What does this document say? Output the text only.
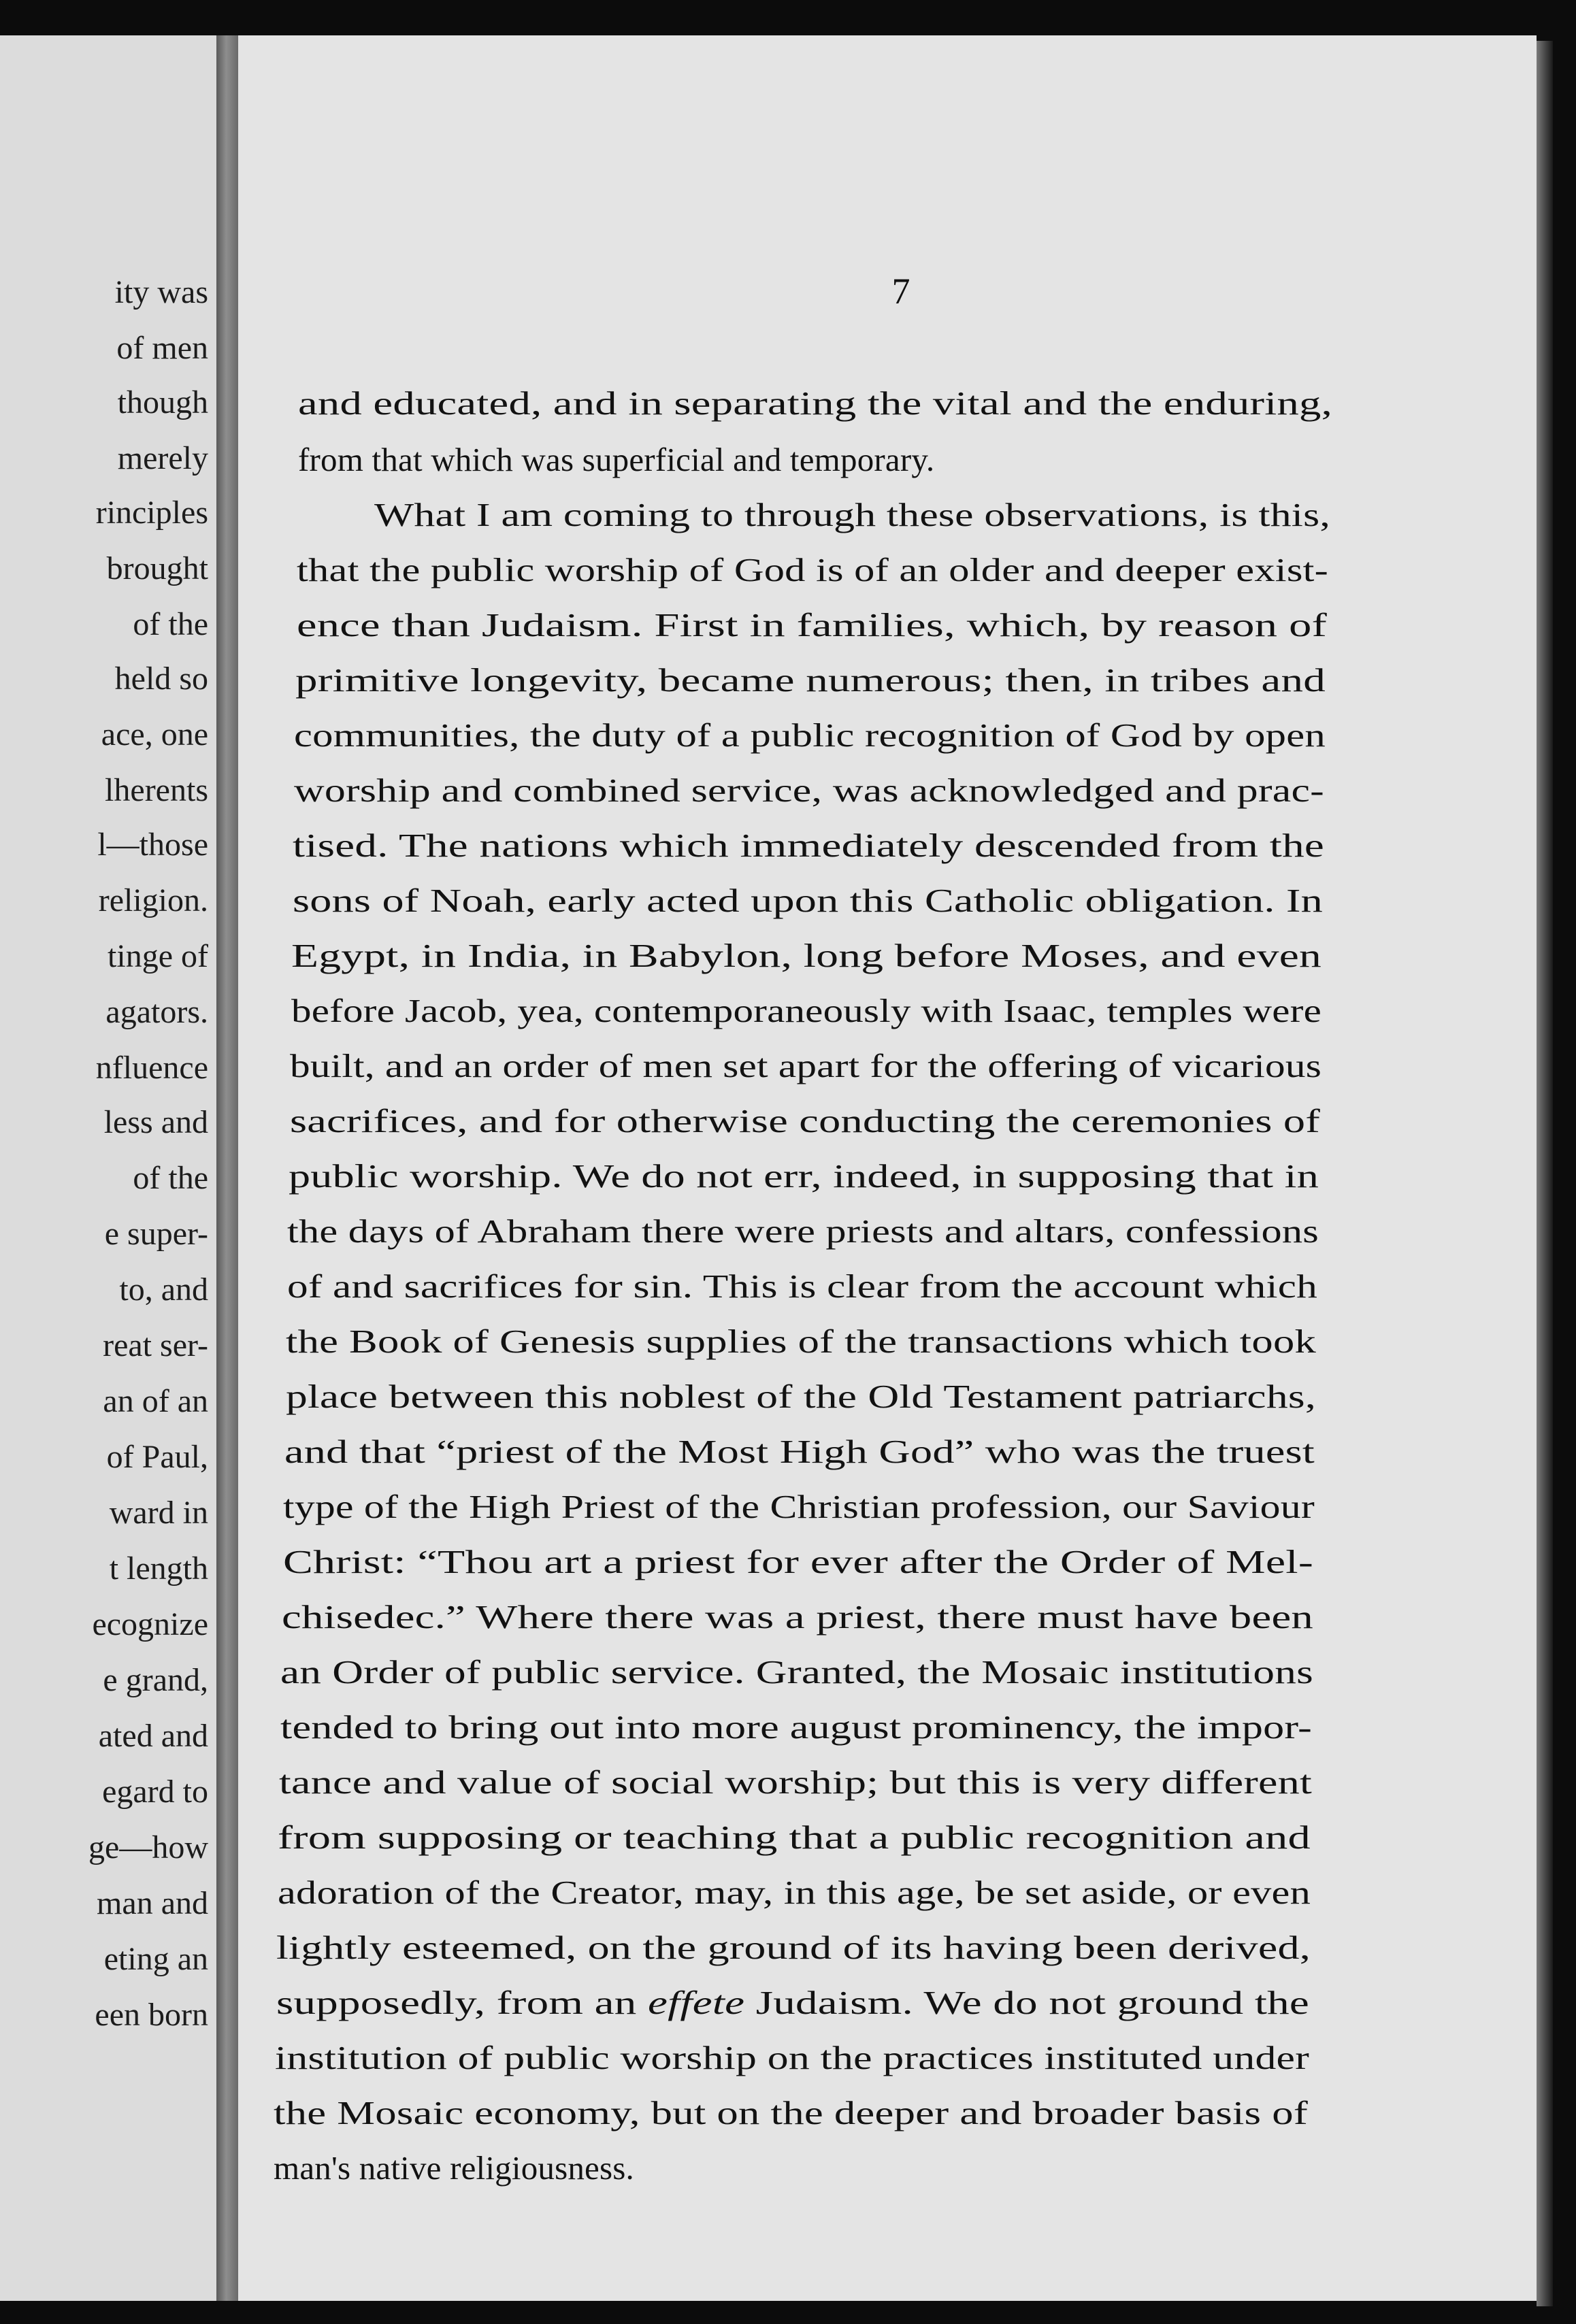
ity was
of men
though
merely
rinciples
brought
of the
held so
ace, one
lherents
l—those
religion.
tinge of
agators.
nfluence
less and
of the
e super-
to, and
reat ser-
an of an
of Paul,
ward in
t length
ecognize
e grand,
ated and
egard to
ge—how
man and
eting an
een born
7
and educated, and in separating the vital and the enduring,
from that which was superficial and temporary.
What I am coming to through these observations, is this,
that the public worship of God is of an older and deeper exist-
ence than Judaism. First in families, which, by reason of
primitive longevity, became numerous; then, in tribes and
communities, the duty of a public recognition of God by open
worship and combined service, was acknowledged and prac-
tised. The nations which immediately descended from the
sons of Noah, early acted upon this Catholic obligation. In
Egypt, in India, in Babylon, long before Moses, and even
before Jacob, yea, contemporaneously with Isaac, temples were
built, and an order of men set apart for the offering of vicarious
sacrifices, and for otherwise conducting the ceremonies of
public worship. We do not err, indeed, in supposing that in
the days of Abraham there were priests and altars, confessions
of and sacrifices for sin. This is clear from the account which
the Book of Genesis supplies of the transactions which took
place between this noblest of the Old Testament patriarchs,
and that “priest of the Most High God” who was the truest
type of the High Priest of the Christian profession, our Saviour
Christ: “Thou art a priest for ever after the Order of Mel-
chisedec.” Where there was a priest, there must have been
an Order of public service. Granted, the Mosaic institutions
tended to bring out into more august prominency, the impor-
tance and value of social worship; but this is very different
from supposing or teaching that a public recognition and
adoration of the Creator, may, in this age, be set aside, or even
lightly esteemed, on the ground of its having been derived,
supposedly, from an effete Judaism. We do not ground the
institution of public worship on the practices instituted under
the Mosaic economy, but on the deeper and broader basis of
man's native religiousness.
